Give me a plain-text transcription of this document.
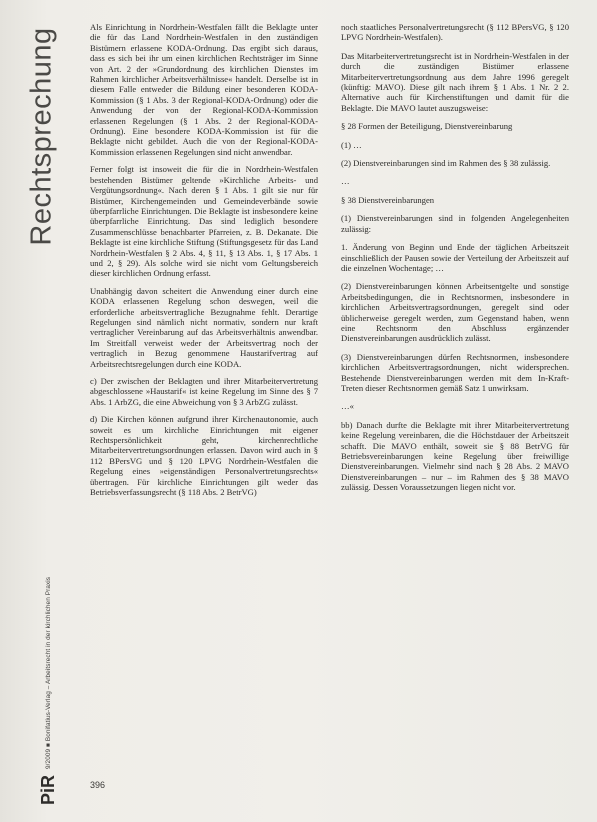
Rechtsprechung	Als Einrichtung in Nordrhein-Westfalen fällt die Beklagte unter die für das Land Nordrhein-Westfalen in den zuständigen Bistümern erlassene KODA-Ordnung. Das ergibt sich daraus, dass es sich bei ihr um einen kirchlichen Rechtsträger im Sinne von Art. 2 der »Grundordnung des kirchlichen Dienstes im Rahmen kirchlicher Arbeitsverhältnisse« handelt. Derselbe ist in diesem Falle entweder die Bildung einer besonderen KODA-Kommission (§ 1 Abs. 3 der Regional-KODA-Ordnung) oder die Anwendung der von der Regional-KODA-Kommission erlassenen Regelungen (§ 1 Abs. 2 der Regional-KODA-Ordnung). Eine besondere KODA-Kommission ist für die Beklagte nicht gebildet. Auch die von der Regional-KODA-Kommission erlassenen Regelungen sind nicht anwendbar.

Ferner folgt ist insoweit die für die in Nordrhein-Westfalen bestehenden Bistümer geltende »Kirchliche Arbeits- und Vergütungsordnung«. Nach deren § 1 Abs. 1 gilt sie nur für Bistümer, Kirchengemeinden und Gemeindeverbände sowie überpfarrliche Einrichtungen. Die Beklagte ist insbesondere keine überpfarrliche Einrichtung. Das sind lediglich besondere Zusammenschlüsse benachbarter Pfarreien, z. B. Dekanate. Die Beklagte ist eine kirchliche Stiftung (Stiftungsgesetz für das Land Nordrhein-Westfalen § 2 Abs. 4, § 11, § 13 Abs. 1, § 17 Abs. 1 und 2, § 29). Als solche wird sie nicht vom Geltungsbereich dieser kirchlichen Ordnung erfasst.

Unabhängig davon scheitert die Anwendung einer durch eine KODA erlassenen Regelung schon deswegen, weil die erforderliche arbeitsvertragliche Bezugnahme fehlt. Derartige Regelungen sind nämlich nicht normativ, sondern nur kraft vertraglicher Vereinbarung auf das Arbeitsverhältnis anwendbar. Im Streitfall verweist weder der Arbeitsvertrag noch der vertraglich in Bezug genommene Haustarifvertrag auf Arbeitsrechtsregelungen durch eine KODA.

c) Der zwischen der Beklagten und ihrer Mitarbeitervertretung abgeschlossene »Haustarif« ist keine Regelung im Sinne des § 7 Abs. 1 ArbZG, die eine Abweichung von § 3 ArbZG zulässt.

d) Die Kirchen können aufgrund ihrer Kirchenautonomie, auch soweit es um kirchliche Einrichtungen mit eigener Rechtspersönlichkeit geht, kirchenrechtliche Mitarbeitervertretungsordnungen erlassen. Davon wird auch in § 112 BPersVG und § 120 LPVG Nordrhein-Westfalen die Regelung eines »eigenständigen Personalvertretungsrechts« übertragen. Für kirchliche Einrichtungen gilt weder das Betriebsverfassungsrecht (§ 118 Abs. 2 BetrVG)

noch staatliches Personalvertretungsrecht (§ 112 BPersVG, § 120 LPVG Nordrhein-Westfalen).

Das Mitarbeitervertretungsrecht ist in Nordrhein-Westfalen in der durch die zuständigen Bistümer erlassene Mitarbeitervertretungsordnung aus dem Jahre 1996 geregelt (künftig: MAVO). Diese gilt nach ihrem § 1 Abs. 1 Nr. 2 2. Alternative auch für Kirchenstiftungen und damit für die Beklagte. Die MAVO lautet auszugsweise:

§ 28 Formen der Beteiligung, Dienstvereinbarung

(1) …

(2) Dienstvereinbarungen sind im Rahmen des § 38 zulässig.

…

§ 38 Dienstvereinbarungen

(1) Dienstvereinbarungen sind in folgenden Angelegenheiten zulässig:

1. Änderung von Beginn und Ende der täglichen Arbeitszeit einschließlich der Pausen sowie der Verteilung der Arbeitszeit auf die einzelnen Wochentage; …

(2) Dienstvereinbarungen können Arbeitsentgelte und sonstige Arbeitsbedingungen, die in Rechtsnormen, insbesondere in kirchlichen Arbeitsvertragsordnungen, geregelt sind oder üblicherweise geregelt werden, zum Gegenstand haben, wenn eine Rechtsnorm den Abschluss ergänzender Dienstvereinbarungen ausdrücklich zulässt.

(3) Dienstvereinbarungen dürfen Rechtsnormen, insbesondere kirchlichen Arbeitsvertragsordnungen, nicht widersprechen. Bestehende Dienstvereinbarungen werden mit dem In-Kraft-Treten dieser Rechtsnormen gemäß Satz 1 unwirksam.

…«

bb) Danach durfte die Beklagte mit ihrer Mitarbeitervertretung keine Regelung vereinbaren, die die Höchstdauer der Arbeitszeit schafft. Die MAVO enthält, soweit sie § 88 BetrVG für Betriebsvereinbarungen keine Regelung über freiwillige Dienstvereinbarungen. Vielmehr sind nach § 28 Abs. 2 MAVO Dienstvereinbarungen – nur – im Rahmen des § 38 MAVO zulässig. Dessen Voraussetzungen liegen nicht vor.

PiR
9/2009 ■ Bonifatius-Verlag – Arbeitsrecht in der kirchlichen Praxis
396
